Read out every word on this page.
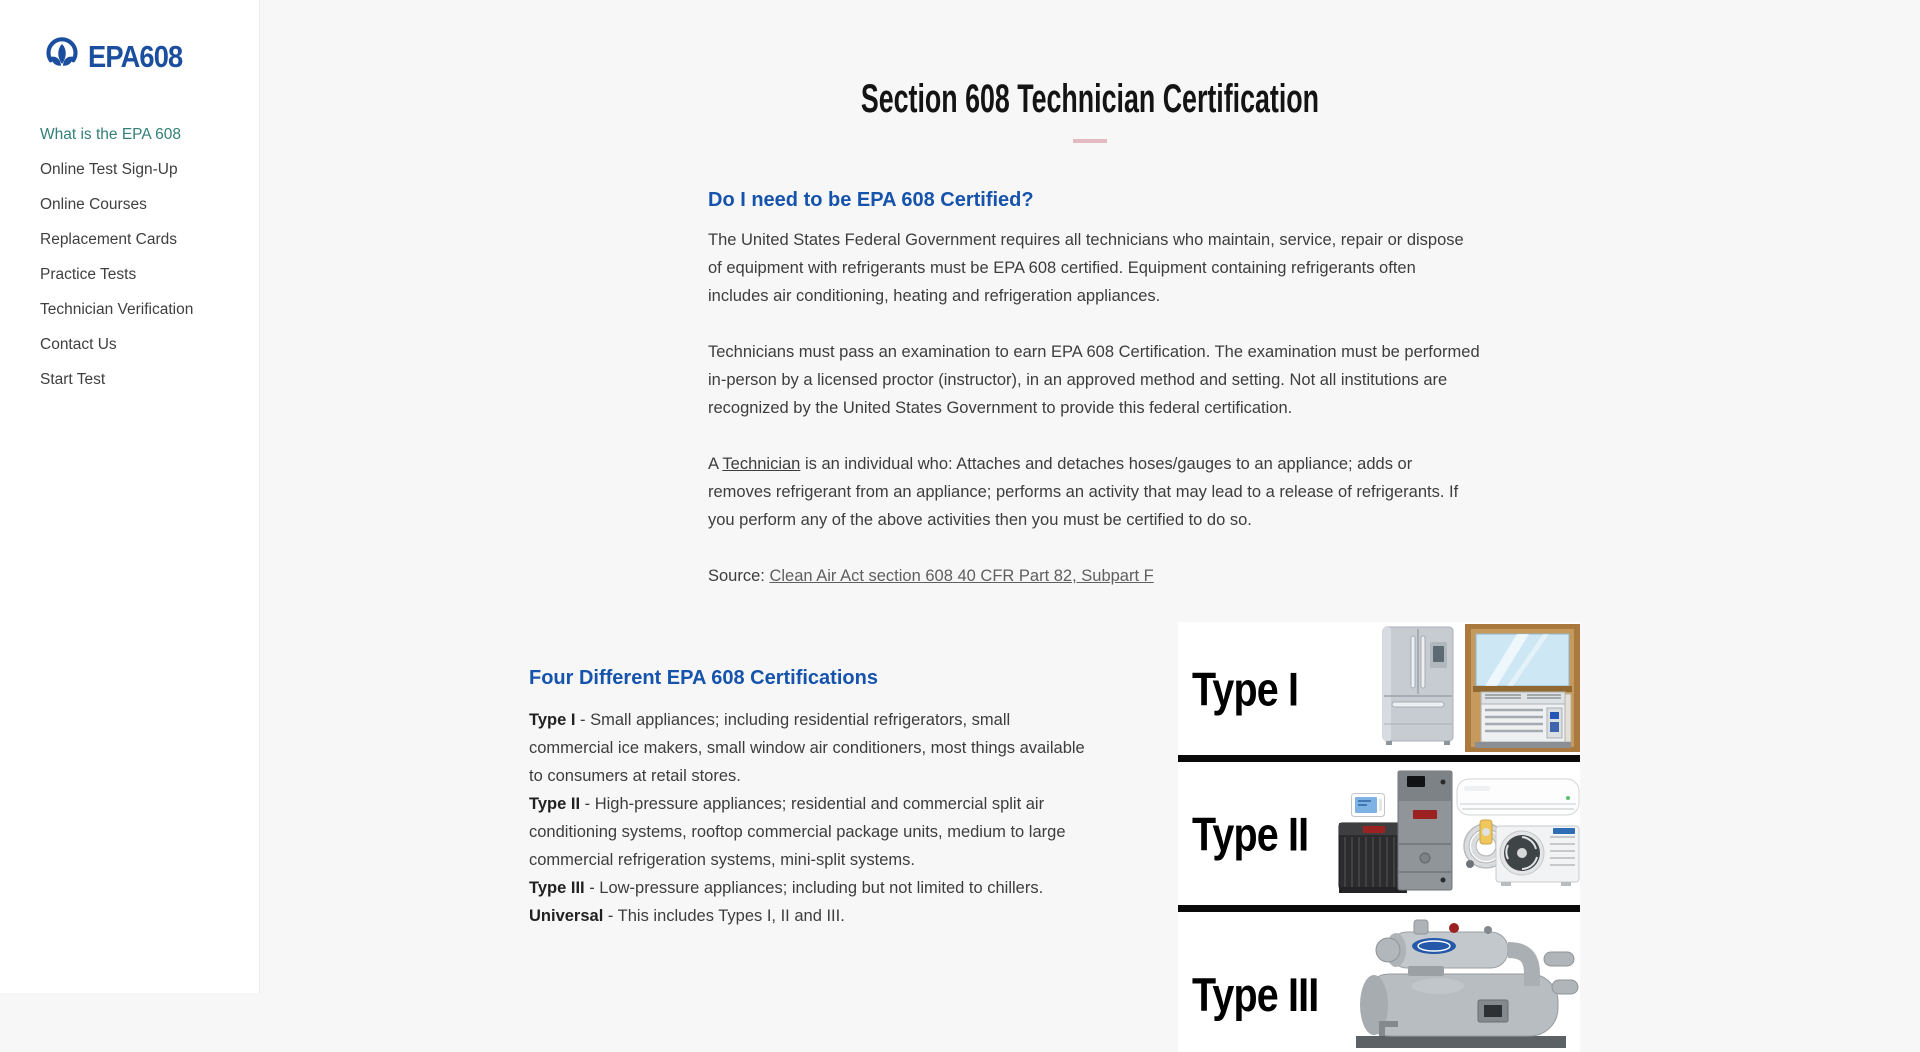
EPA608
What is the EPA 608
Online Test Sign-Up
Online Courses
Replacement Cards
Practice Tests
Technician Verification
Contact Us
Start Test
Section 608 Technician Certification
Do I need to be EPA 608 Certified?

The United States Federal Government requires all technicians who maintain, service, repair or dispose of equipment with refrigerants must be EPA 608 certified. Equipment containing refrigerants often includes air conditioning, heating and refrigeration appliances.

Technicians must pass an examination to earn EPA 608 Certification. The examination must be performed in-person by a licensed proctor (instructor), in an approved method and setting. Not all institutions are recognized by the United States Government to provide this federal certification.

A Technician is an individual who: Attaches and detaches hoses/gauges to an appliance; adds or removes refrigerant from an appliance; performs an activity that may lead to a release of refrigerants. If you perform any of the above activities then you must be certified to do so.

Source: Clean Air Act section 608 40 CFR Part 82, Subpart F

Four Different EPA 608 Certifications
Type I - Small appliances; including residential refrigerators, small commercial ice makers, small window air conditioners, most things available to consumers at retail stores.
Type II - High-pressure appliances; residential and commercial split air conditioning systems, rooftop commercial package units, medium to large commercial refrigeration systems, mini-split systems.
Type III - Low-pressure appliances; including but not limited to chillers.
Universal - This includes Types I, II and III.
Type I
Type II
Type III
